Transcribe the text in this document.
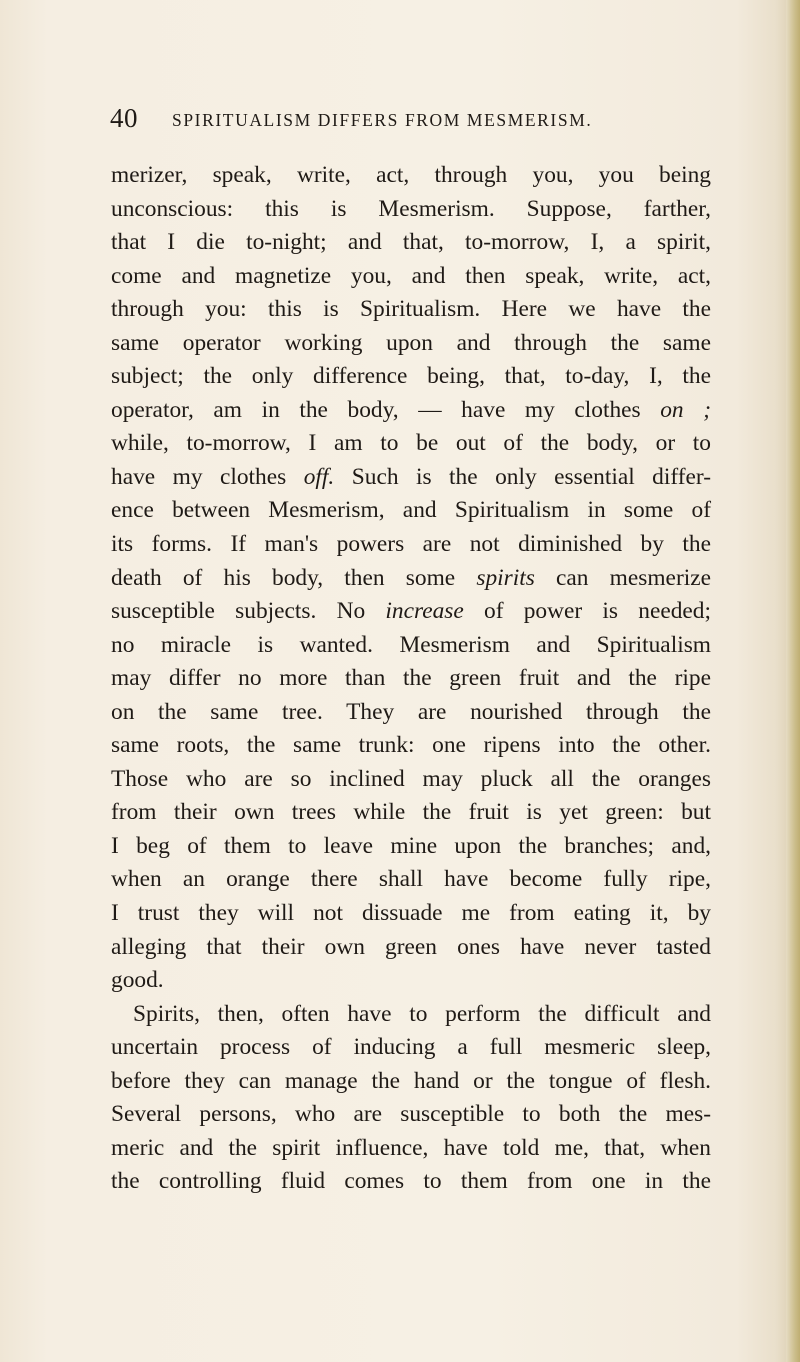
40 SPIRITUALISM DIFFERS FROM MESMERISM.
merizer, speak, write, act, through you, you being
unconscious: this is Mesmerism. Suppose, farther,
that I die to-night; and that, to-morrow, I, a spirit,
come and magnetize you, and then speak, write, act,
through you: this is Spiritualism. Here we have the
same operator working upon and through the same
subject; the only difference being, that, to-day, I, the
operator, am in the body, — have my clothes on ;
while, to-morrow, I am to be out of the body, or to
have my clothes off. Such is the only essential differ-
ence between Mesmerism, and Spiritualism in some of
its forms. If man's powers are not diminished by the
death of his body, then some spirits can mesmerize
susceptible subjects. No increase of power is needed;
no miracle is wanted. Mesmerism and Spiritualism
may differ no more than the green fruit and the ripe
on the same tree. They are nourished through the
same roots, the same trunk: one ripens into the other.
Those who are so inclined may pluck all the oranges
from their own trees while the fruit is yet green: but
I beg of them to leave mine upon the branches; and,
when an orange there shall have become fully ripe,
I trust they will not dissuade me from eating it, by
alleging that their own green ones have never tasted
good.
Spirits, then, often have to perform the difficult and
uncertain process of inducing a full mesmeric sleep,
before they can manage the hand or the tongue of flesh.
Several persons, who are susceptible to both the mes-
meric and the spirit influence, have told me, that, when
the controlling fluid comes to them from one in the
